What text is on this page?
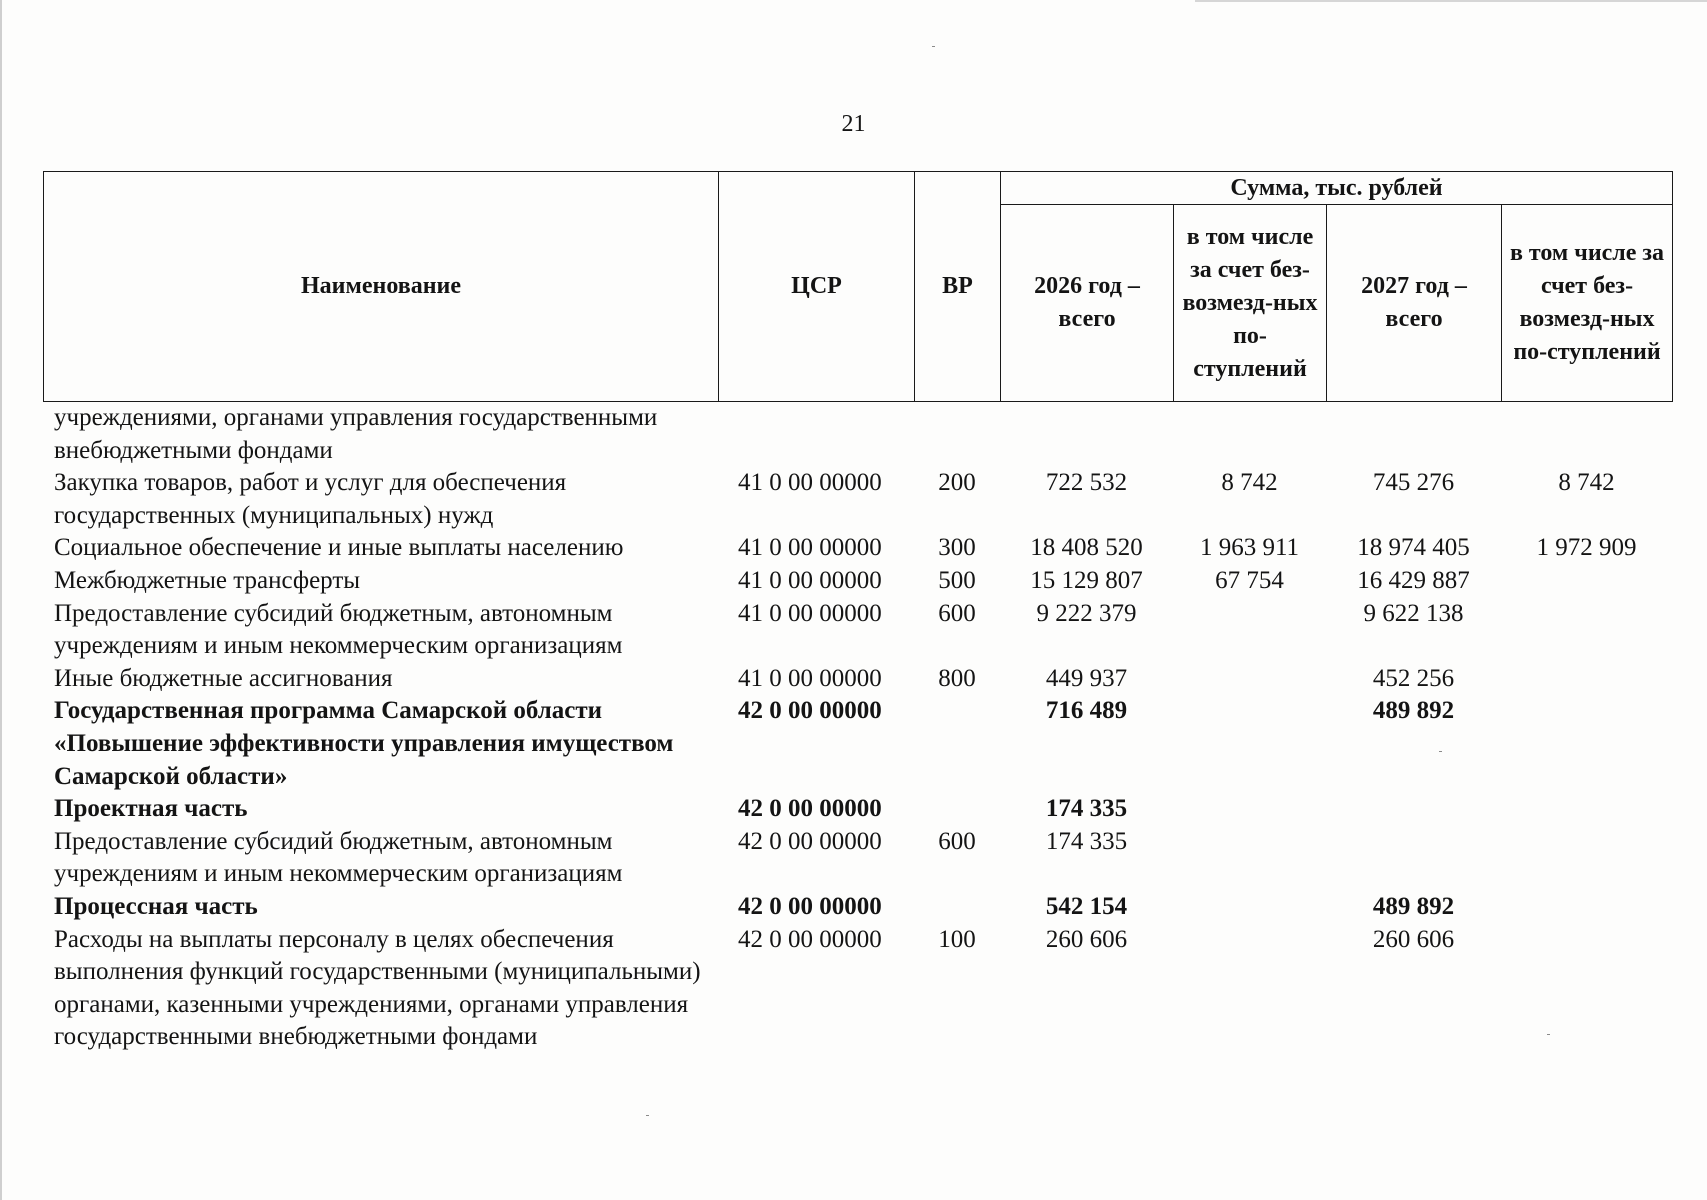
21
Наименование	ЦСР	ВР	Сумма, тыс. рублей			
			2026 год – всего	в том числе за счет без-возмезд-ных по-ступлений	2027 год – всего	в том числе за счет без-возмезд-ных по-ступлений
учреждениями, органами управления государственными внебюджетными фондами						
Закупка товаров, работ и услуг для обеспечения государственных (муниципальных) нужд	41 0 00 00000	200	722 532	8 742	745 276	8 742
Социальное обеспечение и иные выплаты населению	41 0 00 00000	300	18 408 520	1 963 911	18 974 405	1 972 909
Межбюджетные трансферты	41 0 00 00000	500	15 129 807	67 754	16 429 887	
Предоставление субсидий бюджетным, автономным учреждениям и иным некоммерческим организациям	41 0 00 00000	600	9 222 379		9 622 138	
Иные бюджетные ассигнования	41 0 00 00000	800	449 937		452 256	
Государственная программа Самарской области «Повышение эффективности управления имуществом Самарской области»	42 0 00 00000		716 489		489 892	
Проектная часть	42 0 00 00000		174 335			
Предоставление субсидий бюджетным, автономным учреждениям и иным некоммерческим организациям	42 0 00 00000	600	174 335			
Процессная часть	42 0 00 00000		542 154		489 892	
Расходы на выплаты персоналу в целях обеспечения выполнения функций государственными (муниципальными) органами, казенными учреждениями, органами управления государственными внебюджетными фондами	42 0 00 00000	100	260 606		260 606	
